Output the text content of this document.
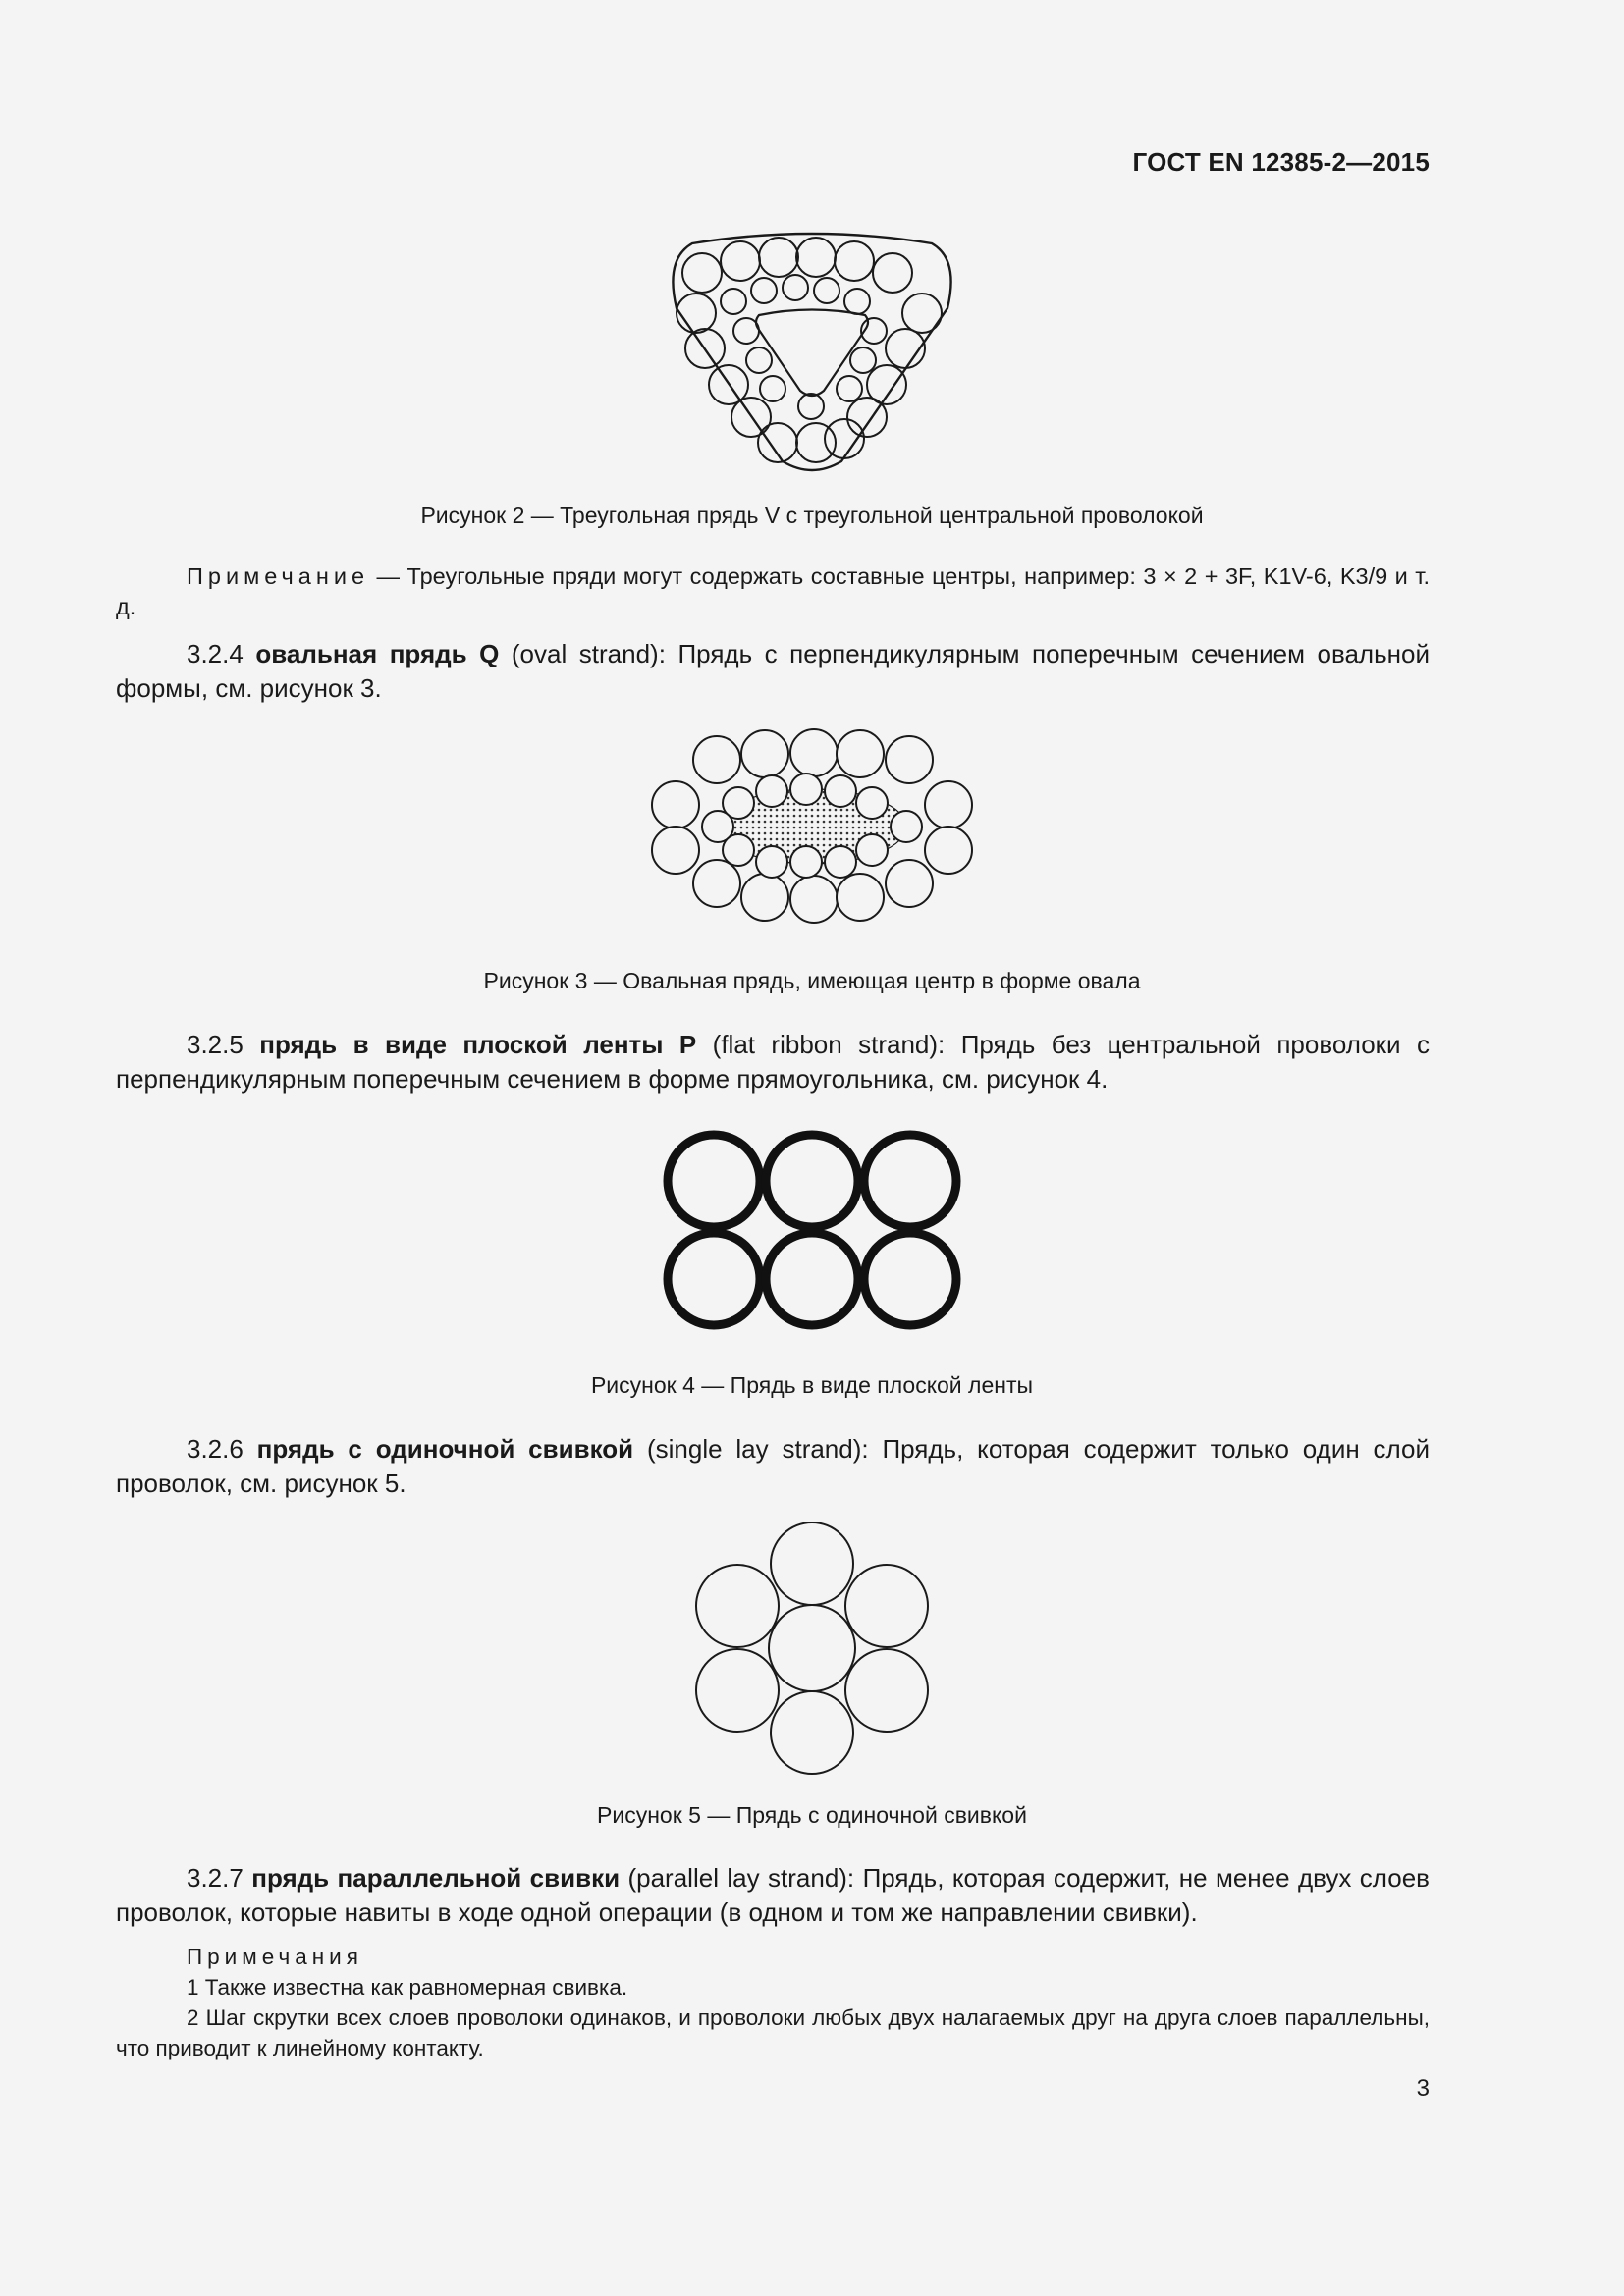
ГОСТ EN 12385-2—2015
Рисунок 2 — Треугольная прядь V с треугольной центральной проволокой
Примечание — Треугольные пряди могут содержать составные центры, например: 3 × 2 + 3F, K1V-6, K3/9 и т. д.
3.2.4 овальная прядь Q (oval strand): Прядь с перпендикулярным поперечным сечением овальной формы, см. рисунок 3.
Рисунок 3 — Овальная прядь, имеющая центр в форме овала
3.2.5 прядь в виде плоской ленты P (flat ribbon strand): Прядь без центральной проволоки с перпендикулярным поперечным сечением в форме прямоугольника, см. рисунок 4.
Рисунок 4 — Прядь в виде плоской ленты
3.2.6 прядь с одиночной свивкой (single lay strand): Прядь, которая содержит только один слой проволок, см. рисунок 5.
Рисунок 5 — Прядь с одиночной свивкой
3.2.7 прядь параллельной свивки (parallel lay strand): Прядь, которая содержит, не менее двух слоев проволок, которые навиты в ходе одной операции (в одном и том же направлении свивки).
Примечания
1 Также известна как равномерная свивка.
2 Шаг скрутки всех слоев проволоки одинаков, и проволоки любых двух налагаемых друг на друга слоев параллельны, что приводит к линейному контакту.
3
